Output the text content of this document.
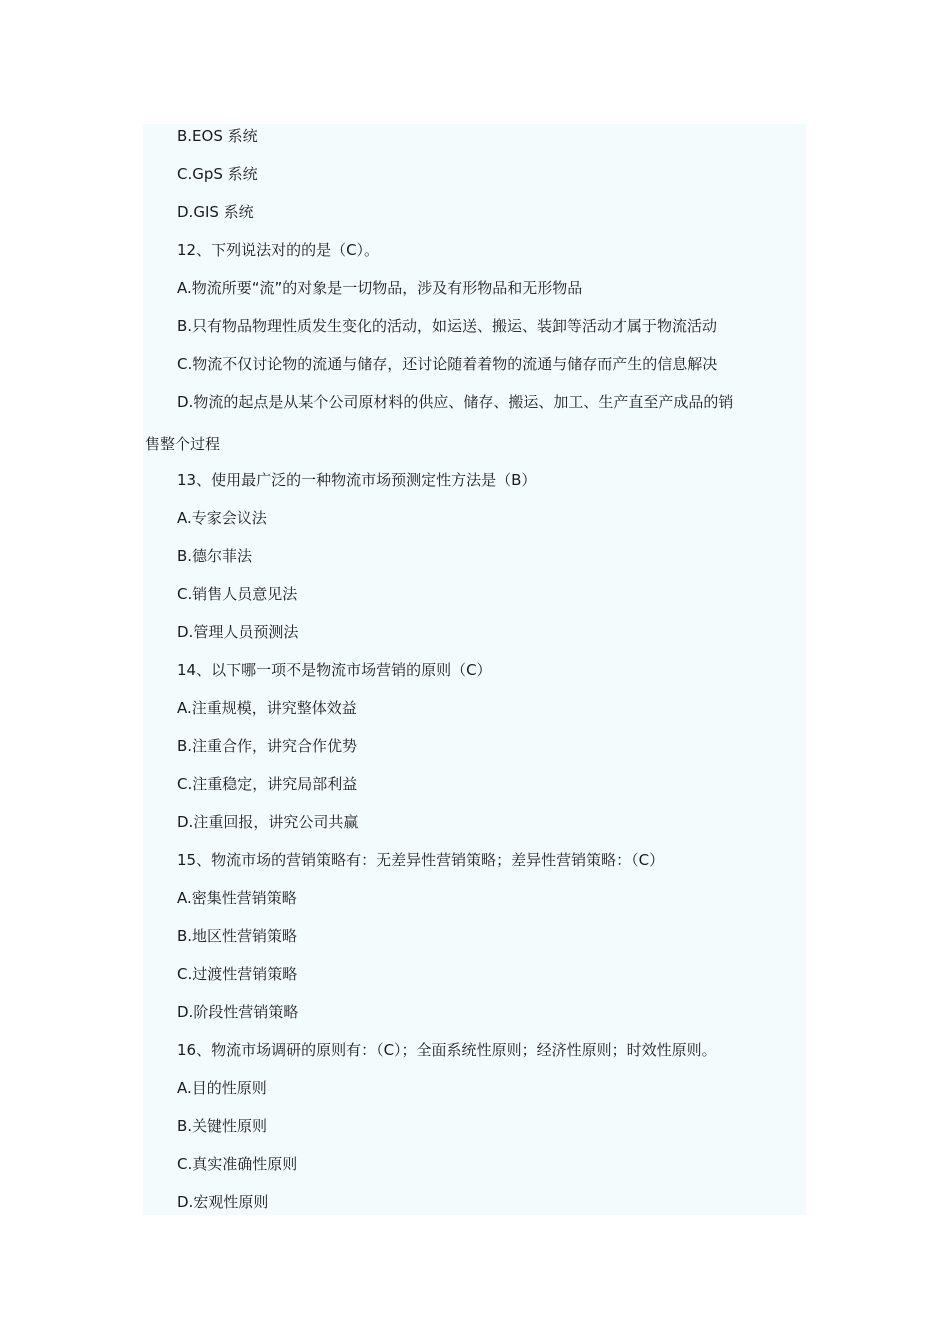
B.EOS 系统
C.GpS 系统
D.GIS 系统
12、下列说法对的的是（C）。
A.物流所要“流”的对象是一切物品，涉及有形物品和无形物品
B.只有物品物理性质发生变化的活动，如运送、搬运、装卸等活动才属于物流活动
C.物流不仅讨论物的流通与储存，还讨论随着着物的流通与储存而产生的信息解决
D.物流的起点是从某个公司原材料的供应、储存、搬运、加工、生产直至产成品的销
售整个过程
13、使用最广泛的一种物流市场预测定性方法是（B）
A.专家会议法
B.德尔菲法
C.销售人员意见法
D.管理人员预测法
14、以下哪一项不是物流市场营销的原则（C）
A.注重规模，讲究整体效益
B.注重合作，讲究合作优势
C.注重稳定，讲究局部利益
D.注重回报，讲究公司共赢
15、物流市场的营销策略有：无差异性营销策略；差异性营销策略：（C）
A.密集性营销策略
B.地区性营销策略
C.过渡性营销策略
D.阶段性营销策略
16、物流市场调研的原则有：（C）；全面系统性原则；经济性原则；时效性原则。
A.目的性原则
B.关键性原则
C.真实准确性原则
D.宏观性原则
